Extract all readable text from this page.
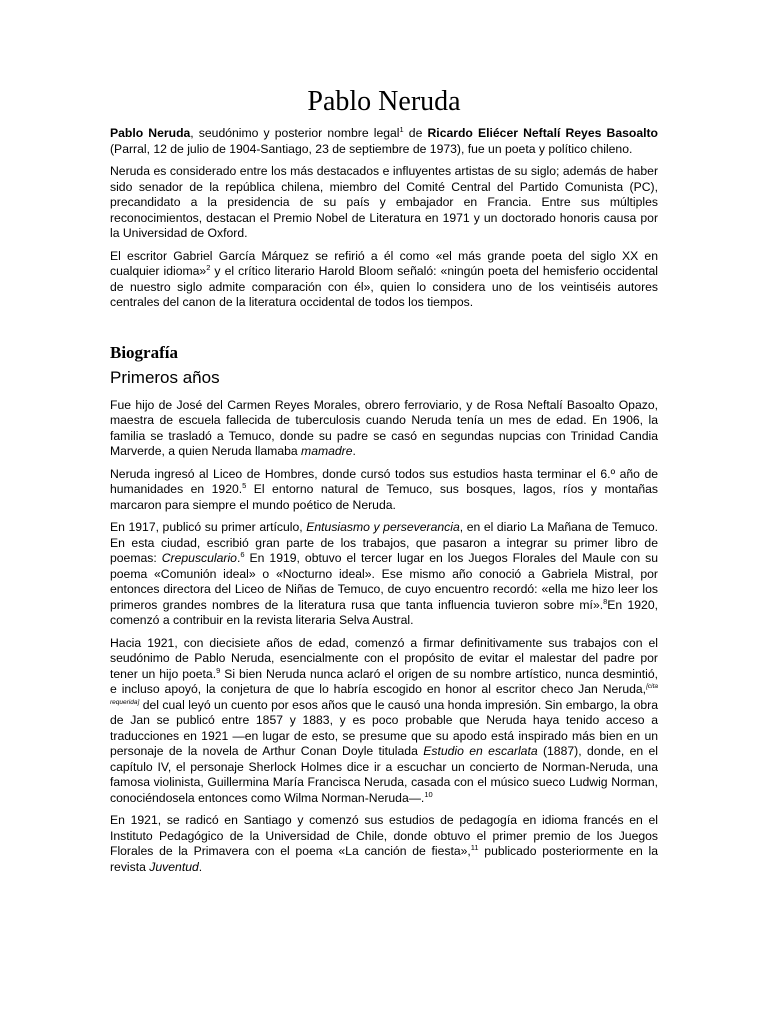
Pablo Neruda

Pablo Neruda, seudónimo y posterior nombre legal$^1$ de Ricardo Eliécer Neftalí Reyes Basoalto (Parral, 12 de julio de 1904-Santiago, 23 de septiembre de 1973), fue un poeta y político chileno.

Neruda es considerado entre los más destacados e influyentes artistas de su siglo; además de haber sido senador de la república chilena, miembro del Comité Central del Partido Comunista (PC), precandidato a la presidencia de su país y embajador en Francia. Entre sus múltiples reconocimientos, destacan el Premio Nobel de Literatura en 1971 y un doctorado honoris causa por la Universidad de Oxford.

El escritor Gabriel García Márquez se refirió a él como «el más grande poeta del siglo XX en cualquier idioma»$^2$ y el crítico literario Harold Bloom señaló: «ningún poeta del hemisferio occidental de nuestro siglo admite comparación con él», quien lo considera uno de los veintiséis autores centrales del canon de la literatura occidental de todos los tiempos.

Biografía
Primeros años

Fue hijo de José del Carmen Reyes Morales, obrero ferroviario, y de Rosa Neftalí Basoalto Opazo, maestra de escuela fallecida de tuberculosis cuando Neruda tenía un mes de edad. En 1906, la familia se trasladó a Temuco, donde su padre se casó en segundas nupcias con Trinidad Candia Marverde, a quien Neruda llamaba mamadre.

Neruda ingresó al Liceo de Hombres, donde cursó todos sus estudios hasta terminar el 6.º año de humanidades en 1920.$^5$ El entorno natural de Temuco, sus bosques, lagos, ríos y montañas marcaron para siempre el mundo poético de Neruda.

En 1917, publicó su primer artículo, Entusiasmo y perseverancia, en el diario La Mañana de Temuco. En esta ciudad, escribió gran parte de los trabajos, que pasaron a integrar su primer libro de poemas: Crepusculario.$^6$ En 1919, obtuvo el tercer lugar en los Juegos Florales del Maule con su poema «Comunión ideal» o «Nocturno ideal». Ese mismo año conoció a Gabriela Mistral, por entonces directora del Liceo de Niñas de Temuco, de cuyo encuentro recordó: «ella me hizo leer los primeros grandes nombres de la literatura rusa que tanta influencia tuvieron sobre mí».$^8$En 1920, comenzó a contribuir en la revista literaria Selva Austral.

Hacia 1921, con diecisiete años de edad, comenzó a firmar definitivamente sus trabajos con el seudónimo de Pablo Neruda, esencialmente con el propósito de evitar el malestar del padre por tener un hijo poeta.$^9$ Si bien Neruda nunca aclaró el origen de su nombre artístico, nunca desmintió, e incluso apoyó, la conjetura de que lo habría escogido en honor al escritor checo Jan Neruda,[cita requerida] del cual leyó un cuento por esos años que le causó una honda impresión. Sin embargo, la obra de Jan se publicó entre 1857 y 1883, y es poco probable que Neruda haya tenido acceso a traducciones en 1921 —en lugar de esto, se presume que su apodo está inspirado más bien en un personaje de la novela de Arthur Conan Doyle titulada Estudio en escarlata (1887), donde, en el capítulo IV, el personaje Sherlock Holmes dice ir a escuchar un concierto de Norman-Neruda, una famosa violinista, Guillermina María Francisca Neruda, casada con el músico sueco Ludwig Norman, conociéndosela entonces como Wilma Norman-Neruda—.$^{10}$

En 1921, se radicó en Santiago y comenzó sus estudios de pedagogía en idioma francés en el Instituto Pedagógico de la Universidad de Chile, donde obtuvo el primer premio de los Juegos Florales de la Primavera con el poema «La canción de fiesta»,$^{11}$ publicado posteriormente en la revista Juventud.
